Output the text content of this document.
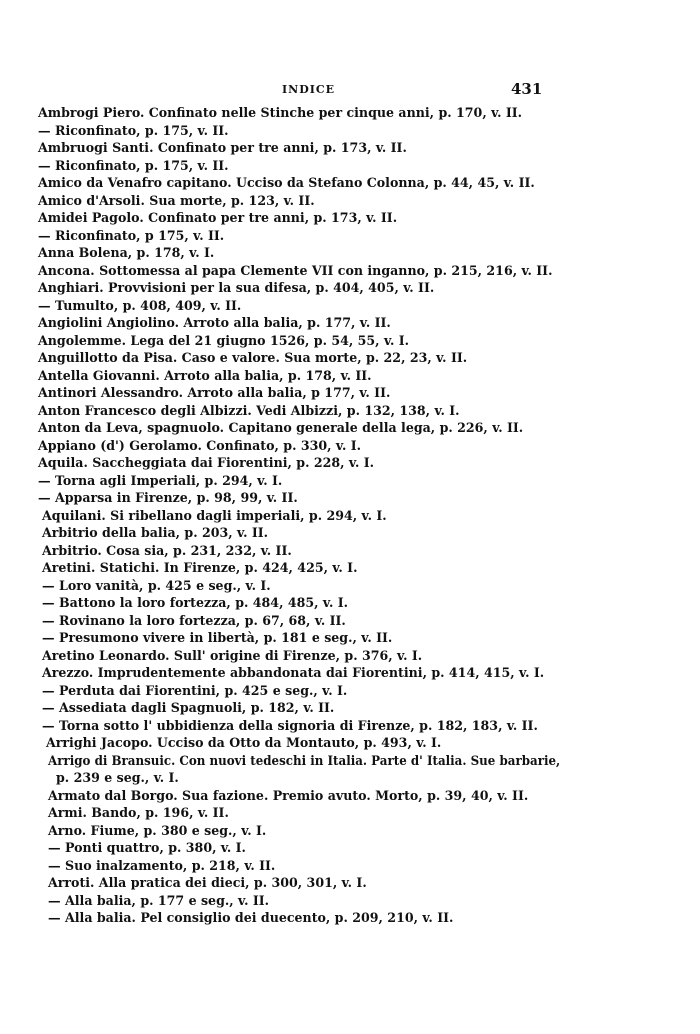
INDICE	431
Ambrogi Piero. Confinato nelle Stinche per cinque anni, p. 170, v. II.
— Riconfinato, p. 175, v. II.
Ambruogi Santi. Confinato per tre anni, p. 173, v. II.
— Riconfinato, p. 175, v. II.
Amico da Venafro capitano. Ucciso da Stefano Colonna, p. 44, 45, v. II.
Amico d'Arsoli. Sua morte, p. 123, v. II.
Amidei Pagolo. Confinato per tre anni, p. 173, v. II.
— Riconfinato, p 175, v. II.
Anna Bolena, p. 178, v. I.
Ancona. Sottomessa al papa Clemente VII con inganno, p. 215, 216, v. II.
Anghiari. Provvisioni per la sua difesa, p. 404, 405, v. II.
— Tumulto, p. 408, 409, v. II.
Angiolini Angiolino. Arroto alla balia, p. 177, v. II.
Angolemme. Lega del 21 giugno 1526, p. 54, 55, v. I.
Anguillotto da Pisa. Caso e valore. Sua morte, p. 22, 23, v. II.
Antella Giovanni. Arroto alla balia, p. 178, v. II.
Antinori Alessandro. Arroto alla balia, p 177, v. II.
Anton Francesco degli Albizzi. Vedi Albizzi, p. 132, 138, v. I.
Anton da Leva, spagnuolo. Capitano generale della lega, p. 226, v. II.
Appiano (d') Gerolamo. Confinato, p. 330, v. I.
Aquila. Saccheggiata dai Fiorentini, p. 228, v. I.
— Torna agli Imperiali, p. 294, v. I.
— Apparsa in Firenze, p. 98, 99, v. II.
Aquilani. Si ribellano dagli imperiali, p. 294, v. I.
Arbitrio della balia, p. 203, v. II.
Arbitrio. Cosa sia, p. 231, 232, v. II.
Aretini. Statichi. In Firenze, p. 424, 425, v. I.
— Loro vanità, p. 425 e seg., v. I.
— Battono la loro fortezza, p. 484, 485, v. I.
— Rovinano la loro fortezza, p. 67, 68, v. II.
— Presumono vivere in libertà, p. 181 e seg., v. II.
Aretino Leonardo. Sull' origine di Firenze, p. 376, v. I.
Arezzo. Imprudentemente abbandonata dai Fiorentini, p. 414, 415, v. I.
— Perduta dai Fiorentini, p. 425 e seg., v. I.
— Assediata dagli Spagnuoli, p. 182, v. II.
— Torna sotto l' ubbidienza della signoria di Firenze, p. 182, 183, v. II.
Arrighi Jacopo. Ucciso da Otto da Montauto, p. 493, v. I.
Arrigo di Bransuic. Con nuovi tedeschi in Italia. Parte d' Italia. Sue barbarie,
p. 239 e seg., v. I.
Armato dal Borgo. Sua fazione. Premio avuto. Morto, p. 39, 40, v. II.
Armi. Bando, p. 196, v. II.
Arno. Fiume, p. 380 e seg., v. I.
— Ponti quattro, p. 380, v. I.
— Suo inalzamento, p. 218, v. II.
Arroti. Alla pratica dei dieci, p. 300, 301, v. I.
— Alla balia, p. 177 e seg., v. II.
— Alla balia. Pel consiglio dei duecento, p. 209, 210, v. II.
